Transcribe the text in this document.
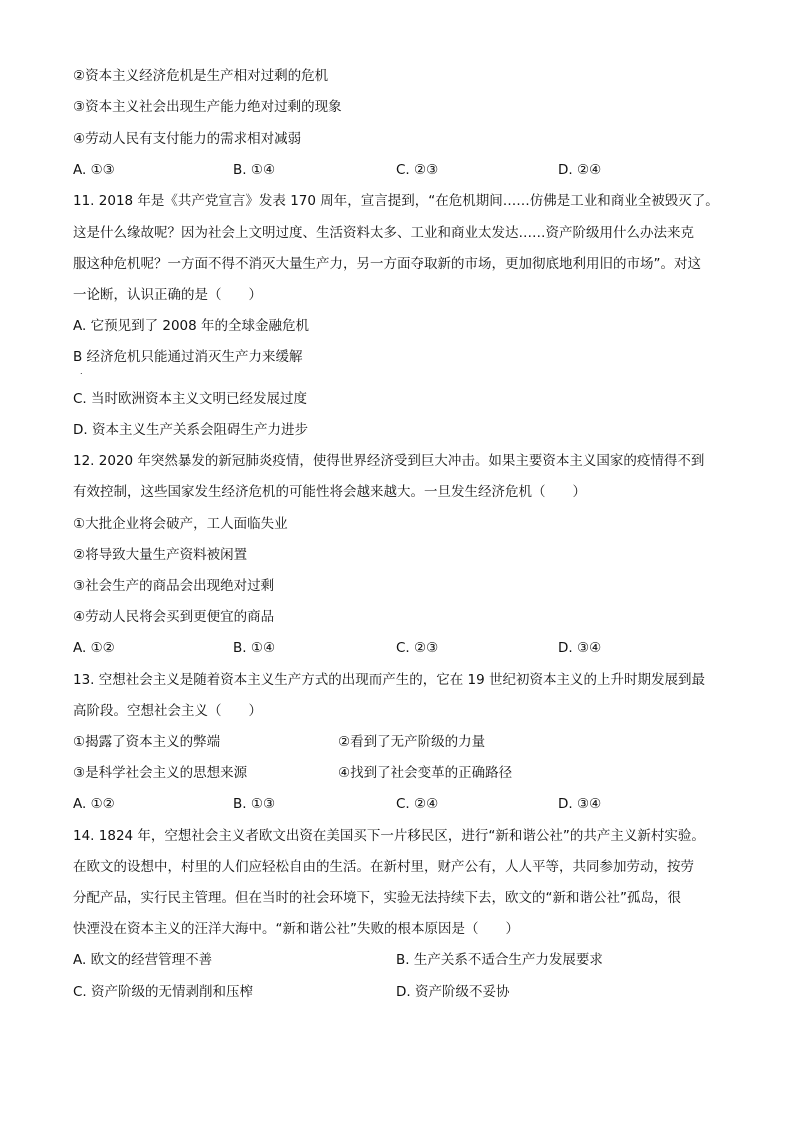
②资本主义经济危机是生产相对过剩的危机
③资本主义社会出现生产能力绝对过剩的现象
④劳动人民有支付能力的需求相对减弱
A. ①③	B. ①④	C. ②③	D. ②④
11. 2018 年是《共产党宣言》发表 170 周年，宣言提到，“在危机期间……仿佛是工业和商业全被毁灭了。
这是什么缘故呢？因为社会上文明过度、生活资料太多、工业和商业太发达……资产阶级用什么办法来克
服这种危机呢？一方面不得不消灭大量生产力，另一方面夺取新的市场，更加彻底地利用旧的市场”。对这
一论断，认识正确的是（　　）
A. 它预见到了 2008 年的全球金融危机
B 经济危机只能通过消灭生产力来缓解
.
C. 当时欧洲资本主义文明已经发展过度
D. 资本主义生产关系会阻碍生产力进步
12. 2020 年突然暴发的新冠肺炎疫情，使得世界经济受到巨大冲击。如果主要资本主义国家的疫情得不到
有效控制，这些国家发生经济危机的可能性将会越来越大。一旦发生经济危机（　　）
①大批企业将会破产，工人面临失业
②将导致大量生产资料被闲置
③社会生产的商品会出现绝对过剩
④劳动人民将会买到更便宜的商品
A. ①②	B. ①④	C. ②③	D. ③④
13. 空想社会主义是随着资本主义生产方式的出现而产生的，它在 19 世纪初资本主义的上升时期发展到最
高阶段。空想社会主义（　　）
①揭露了资本主义的弊端	②看到了无产阶级的力量
③是科学社会主义的思想来源	④找到了社会变革的正确路径
A. ①②	B. ①③	C. ②④	D. ③④
14. 1824 年，空想社会主义者欧文出资在美国买下一片移民区，进行“新和谐公社”的共产主义新村实验。
在欧文的设想中，村里的人们应轻松自由的生活。在新村里，财产公有，人人平等，共同参加劳动，按劳
分配产品，实行民主管理。但在当时的社会环境下，实验无法持续下去，欧文的“新和谐公社”孤岛，很
快湮没在资本主义的汪洋大海中。“新和谐公社”失败的根本原因是（　　）
A. 欧文的经营管理不善	B. 生产关系不适合生产力发展要求
C. 资产阶级的无情剥削和压榨	D. 资产阶级不妥协
